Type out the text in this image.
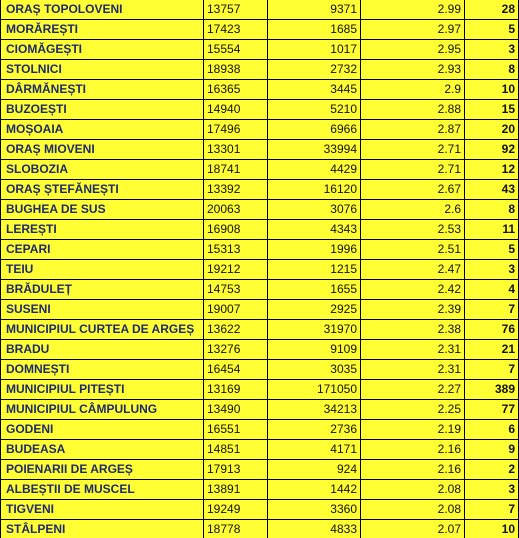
ORAȘ TOPOLOVENI	13757	9371	2.99	28
MORĂREȘTI	17423	1685	2.97	5
CIOMĂGEȘTI	15554	1017	2.95	3
STOLNICI	18938	2732	2.93	8
DÂRMĂNEȘTI	16365	3445	2.9	10
BUZOEȘTI	14940	5210	2.88	15
MOȘOAIA	17496	6966	2.87	20
ORAȘ MIOVENI	13301	33994	2.71	92
SLOBOZIA	18741	4429	2.71	12
ORAȘ ȘTEFĂNEȘTI	13392	16120	2.67	43
BUGHEA DE SUS	20063	3076	2.6	8
LEREȘTI	16908	4343	2.53	11
CEPARI	15313	1996	2.51	5
TEIU	19212	1215	2.47	3
BRĂDULEȚ	14753	1655	2.42	4
SUSENI	19007	2925	2.39	7
MUNICIPIUL CURTEA DE ARGEȘ	13622	31970	2.38	76
BRADU	13276	9109	2.31	21
DOMNEȘTI	16454	3035	2.31	7
MUNICIPIUL PITEȘTI	13169	171050	2.27	389
MUNICIPIUL CÂMPULUNG	13490	34213	2.25	77
GODENI	16551	2736	2.19	6
BUDEASA	14851	4171	2.16	9
POIENARII DE ARGEȘ	17913	924	2.16	2
ALBEȘTII DE MUSCEL	13891	1442	2.08	3
TIGVENI	19249	3360	2.08	7
STÂLPENI	18778	4833	2.07	10
